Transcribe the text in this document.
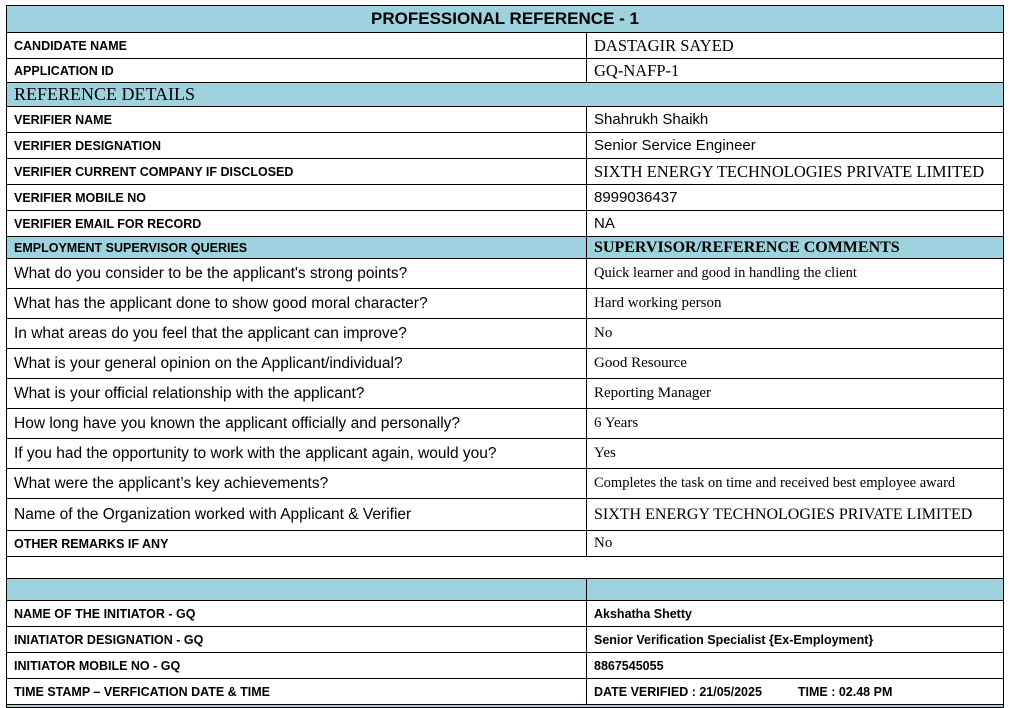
PROFESSIONAL REFERENCE - 1	
CANDIDATE NAME	DASTAGIR SAYED
APPLICATION ID	GQ-NAFP-1
REFERENCE DETAILS	
VERIFIER NAME	Shahrukh Shaikh
VERIFIER DESIGNATION	Senior Service Engineer
VERIFIER CURRENT COMPANY IF DISCLOSED	SIXTH ENERGY TECHNOLOGIES PRIVATE LIMITED
VERIFIER MOBILE NO	8999036437
VERIFIER EMAIL FOR RECORD	NA
EMPLOYMENT SUPERVISOR QUERIES	SUPERVISOR/REFERENCE COMMENTS
What do you consider to be the applicant's strong points?	Quick learner and good in handling the client
What has the applicant done to show good moral character?	Hard working person
In what areas do you feel that the applicant can improve?	No
What is your general opinion on the Applicant/individual?	Good Resource
What is your official relationship with the applicant?	Reporting Manager
How long have you known the applicant officially and personally?	6 Years
If you had the opportunity to work with the applicant again, would you?	Yes
What were the applicant’s key achievements?	Completes the task on time and received best employee award
Name of the Organization worked with Applicant & Verifier	SIXTH ENERGY TECHNOLOGIES PRIVATE LIMITED
OTHER REMARKS IF ANY	No

NAME OF THE INITIATOR - GQ	Akshatha Shetty
INIATIATOR DESIGNATION - GQ	Senior Verification Specialist {Ex-Employment}
INITIATOR MOBILE NO - GQ	8867545055
TIME STAMP – VERFICATION DATE & TIME	DATE VERIFIED : 21/05/2025 TIME : 02.48 PM
